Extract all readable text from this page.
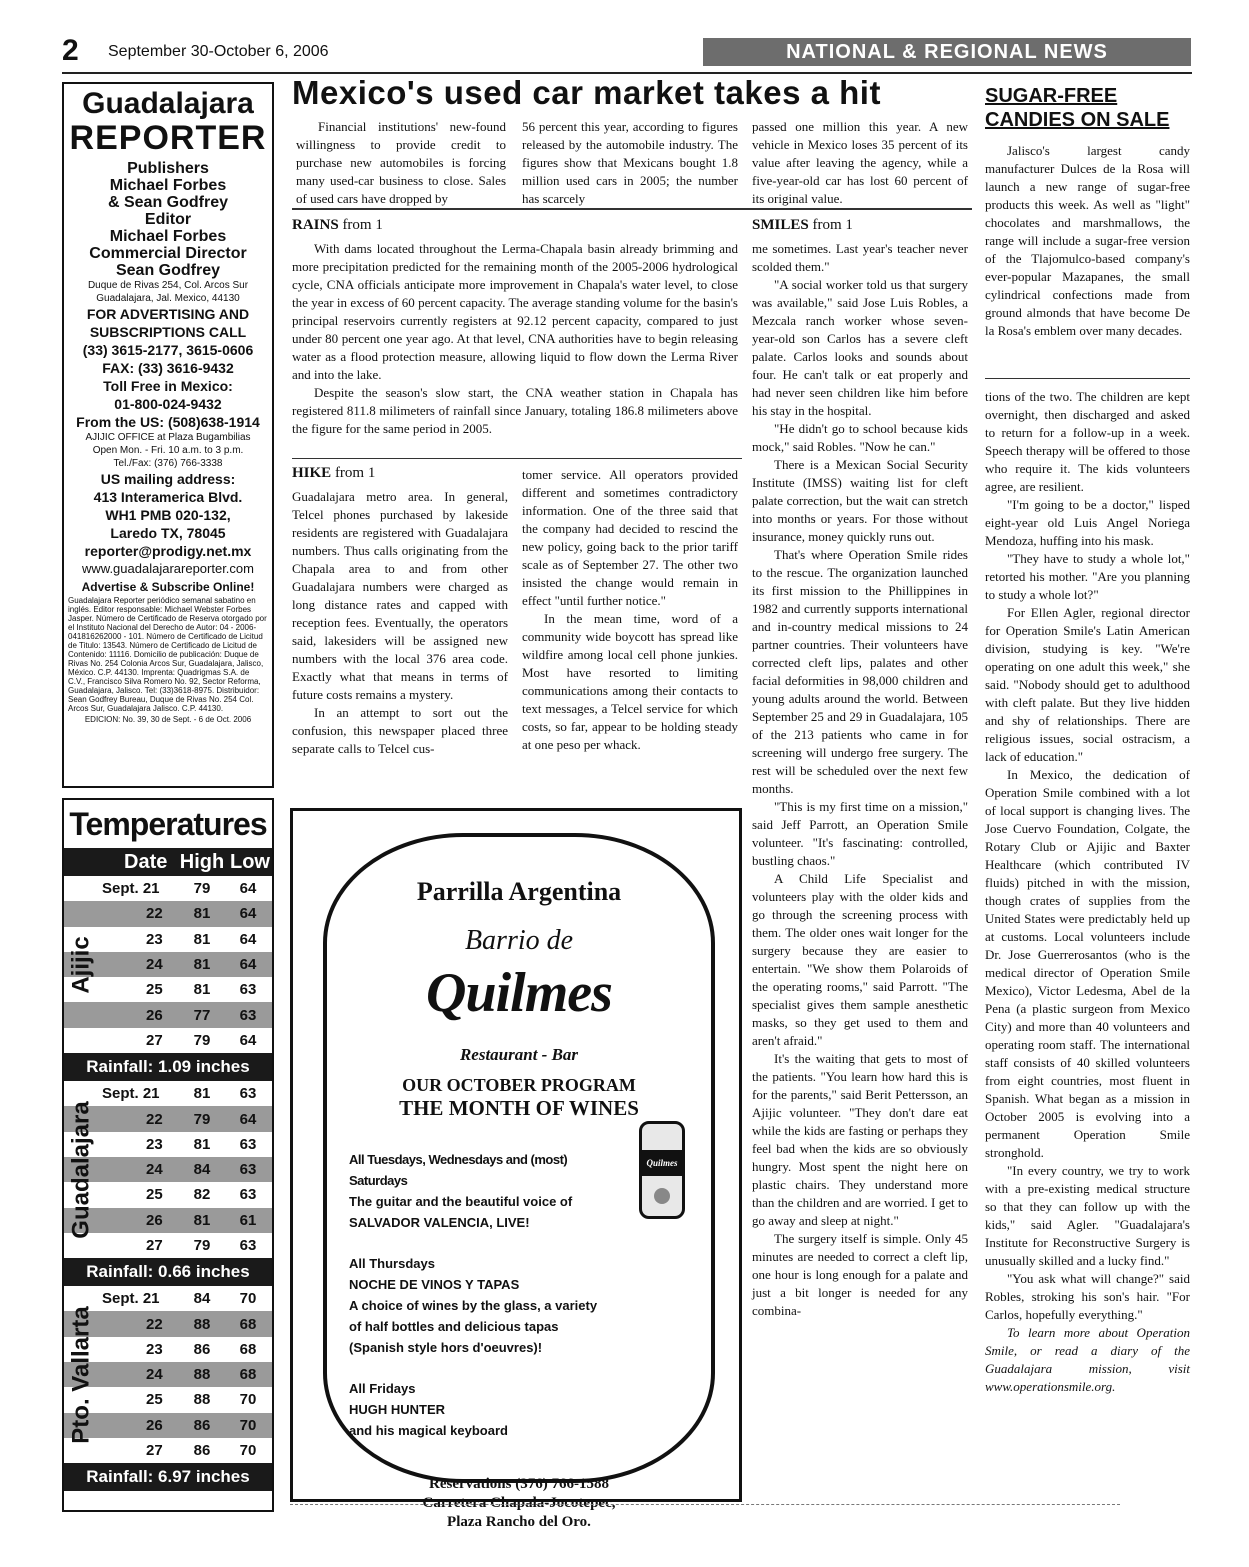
2 September 30-October 6, 2006	NATIONAL & REGIONAL NEWS
Guadalajara
REPORTER
Publishers
Michael Forbes
& Sean Godfrey
Editor
Michael Forbes
Commercial Director
Sean Godfrey
Duque de Rivas 254, Col. Arcos Sur
Guadalajara, Jal. Mexico, 44130
FOR ADVERTISING AND
SUBSCRIPTIONS CALL
(33) 3615-2177, 3615-0606
FAX: (33) 3616-9432
Toll Free in Mexico:
01-800-024-9432
From the US: (508)638-1914
AJIJIC OFFICE at Plaza Bugambilias
Open Mon. - Fri. 10 a.m. to 3 p.m.
Tel./Fax: (376) 766-3338
US mailing address:
413 Interamerica Blvd.
WH1 PMB 020-132,
Laredo TX, 78045
reporter@prodigy.net.mx
www.guadalajarareporter.com
Advertise & Subscribe Online!
Guadalajara Reporter periódico semanal sabatino en inglés. Editor responsable: Michael Webster Forbes Jasper. Número de Certificado de Reserva otorgado por el Instituto Nacional del Derecho de Autor: 04 - 2006- 041816262000 - 101. Número de Certificado de Licitud de Titulo: 13543. Número de Certificado de Licitud de Contenido: 11116. Domicilio de publicación: Duque de Rivas No. 254 Colonia Arcos Sur, Guadalajara, Jalisco, México. C.P. 44130. Imprenta: Quadrigmas S.A. de C.V., Francisco Silva Romero No. 92, Sector Reforma, Guadalajara, Jalisco. Tel: (33)3618-8975. Distribuidor: Sean Godfrey Bureau, Duque de Rivas No. 254 Col. Arcos Sur, Guadalajara Jalisco. C.P. 44130.
EDICION: No. 39, 30 de Sept. - 6 de Oct. 2006
Temperatures
Date High Low
Ajijic
Sept. 21	79	64
22	81	64
23	81	64
24	81	64
25	81	63
26	77	63
27	79	64
Rainfall: 1.09 inches
Guadalajara
Sept. 21	81	63
22	79	64
23	81	63
24	84	63
25	82	63
26	81	61
27	79	63
Rainfall: 0.66 inches
Pto. Vallarta
Sept. 21	84	70
22	88	68
23	86	68
24	88	68
25	88	70
26	86	70
27	86	70
Rainfall: 6.97 inches
Mexico's used car market takes a hit

Financial institutions' new-found willingness to provide credit to purchase new automobiles is forcing many used-car business to close. Sales of used cars have dropped by

56 percent this year, according to figures released by the automobile industry. The figures show that Mexicans bought 1.8 million used cars in 2005; the number has scarcely

passed one million this year. A new vehicle in Mexico loses 35 percent of its value after leaving the agency, while a five-year-old car has lost 60 percent of its original value.

RAINS from 1

With dams located throughout the Lerma-Chapala basin already brimming and more precipitation predicted for the remaining month of the 2005-2006 hydrological cycle, CNA officials anticipate more improvement in Chapala's water level, to close the year in excess of 60 percent capacity. The average standing volume for the basin's principal reservoirs currently registers at 92.12 percent capacity, compared to just under 80 percent one year ago. At that level, CNA authorities have to begin releasing water as a flood protection measure, allowing liquid to flow down the Lerma River and into the lake.

Despite the season's slow start, the CNA weather station in Chapala has registered 811.8 milimeters of rainfall since January, totaling 186.8 milimeters above the figure for the same period in 2005.

HIKE from 1

Guadalajara metro area. In general, Telcel phones purchased by lakeside residents are registered with Guadalajara numbers. Thus calls originating from the Chapala area to and from other Guadalajara numbers were charged as long distance rates and capped with reception fees. Eventually, the operators said, lakesiders will be assigned new numbers with the local 376 area code. Exactly what that means in terms of future costs remains a mystery.

In an attempt to sort out the confusion, this newspaper placed three separate calls to Telcel cus-

tomer service. All operators provided different and sometimes contradictory information. One of the three said that the company had decided to rescind the new policy, going back to the prior tariff scale as of September 27. The other two insisted the change would remain in effect "until further notice."

In the mean time, word of a community wide boycott has spread like wildfire among local cell phone junkies. Most have resorted to limiting communications among their contacts to text messages, a Telcel service for which costs, so far, appear to be holding steady at one peso per whack.

SMILES from 1

me sometimes. Last year's teacher never scolded them."

"A social worker told us that surgery was available," said Jose Luis Robles, a Mezcala ranch worker whose seven-year-old son Carlos has a severe cleft palate. Carlos looks and sounds about four. He can't talk or eat properly and had never seen children like him before his stay in the hospital.

"He didn't go to school because kids mock," said Robles. "Now he can."

There is a Mexican Social Security Institute (IMSS) waiting list for cleft palate correction, but the wait can stretch into months or years. For those without insurance, money quickly runs out.

That's where Operation Smile rides to the rescue. The organization launched its first mission to the Phillippines in 1982 and currently supports international and in-country medical missions to 24 partner countries. Their volunteers have corrected cleft lips, palates and other facial deformities in 98,000 children and young adults around the world. Between September 25 and 29 in Guadalajara, 105 of the 213 patients who came in for screening will undergo free surgery. The rest will be scheduled over the next few months.

"This is my first time on a mission," said Jeff Parrott, an Operation Smile volunteer. "It's fascinating: controlled, bustling chaos."

A Child Life Specialist and volunteers play with the older kids and go through the screening process with them. The older ones wait longer for the surgery because they are easier to entertain. "We show them Polaroids of the operating rooms," said Parrott. "The specialist gives them sample anesthetic masks, so they get used to them and aren't afraid."

It's the waiting that gets to most of the patients. "You learn how hard this is for the parents," said Berit Pettersson, an Ajijic volunteer. "They don't dare eat while the kids are fasting or perhaps they feel bad when the kids are so obviously hungry. Most spent the night here on plastic chairs. They understand more than the children and are worried. I get to go away and sleep at night."

The surgery itself is simple. Only 45 minutes are needed to correct a cleft lip, one hour is long enough for a palate and just a bit longer is needed for any combina-

SUGAR-FREE
CANDIES ON SALE

Jalisco's largest candy manufacturer Dulces de la Rosa will launch a new range of sugar-free products this week. As well as "light" chocolates and marshmallows, the range will include a sugar-free version of the Tlajomulco-based company's ever-popular Mazapanes, the small cylindrical confections made from ground almonds that have become De la Rosa's emblem over many decades.

tions of the two. The children are kept overnight, then discharged and asked to return for a follow-up in a week. Speech therapy will be offered to those who require it. The kids volunteers agree, are resilient.

"I'm going to be a doctor," lisped eight-year old Luis Angel Noriega Mendoza, huffing into his mask.

"They have to study a whole lot," retorted his mother. "Are you planning to study a whole lot?"

For Ellen Agler, regional director for Operation Smile's Latin American division, studying is key. "We're operating on one adult this week," she said. "Nobody should get to adulthood with cleft palate. But they live hidden and shy of relationships. There are religious issues, social ostracism, a lack of education."

In Mexico, the dedication of Operation Smile combined with a lot of local support is changing lives. The Jose Cuervo Foundation, Colgate, the Rotary Club or Ajijic and Baxter Healthcare (which contributed IV fluids) pitched in with the mission, though crates of supplies from the United States were predictably held up at customs. Local volunteers include Dr. Jose Guerrerosantos (who is the medical director of Operation Smile Mexico), Victor Ledesma, Abel de la Pena (a plastic surgeon from Mexico City) and more than 40 volunteers and operating room staff. The international staff consists of 40 skilled volunteers from eight countries, most fluent in Spanish. What began as a mission in October 2005 is evolving into a permanent Operation Smile stronghold.

"In every country, we try to work with a pre-existing medical structure so that they can follow up with the kids," said Agler. "Guadalajara's Institute for Reconstructive Surgery is unusually skilled and a lucky find."

"You ask what will change?" said Robles, stroking his son's hair. "For Carlos, hopefully everything."

To learn more about Operation Smile, or read a diary of the Guadalajara mission, visit www.operationsmile.org.

Parrilla Argentina
Barrio de
Quilmes
Restaurant - Bar
OUR OCTOBER PROGRAM
THE MONTH OF WINES
All Tuesdays, Wednesdays and (most) Saturdays
The guitar and the beautiful voice of
SALVADOR VALENCIA, LIVE!
All Thursdays
NOCHE DE VINOS Y TAPAS
A choice of wines by the glass, a variety
of half bottles and delicious tapas
(Spanish style hors d'oeuvres)!
All Fridays
HUGH HUNTER
and his magical keyboard
Reservations (376) 766-1588
Carretera Chapala-Jocotepec,
Plaza Rancho del Oro.
Quilmes
